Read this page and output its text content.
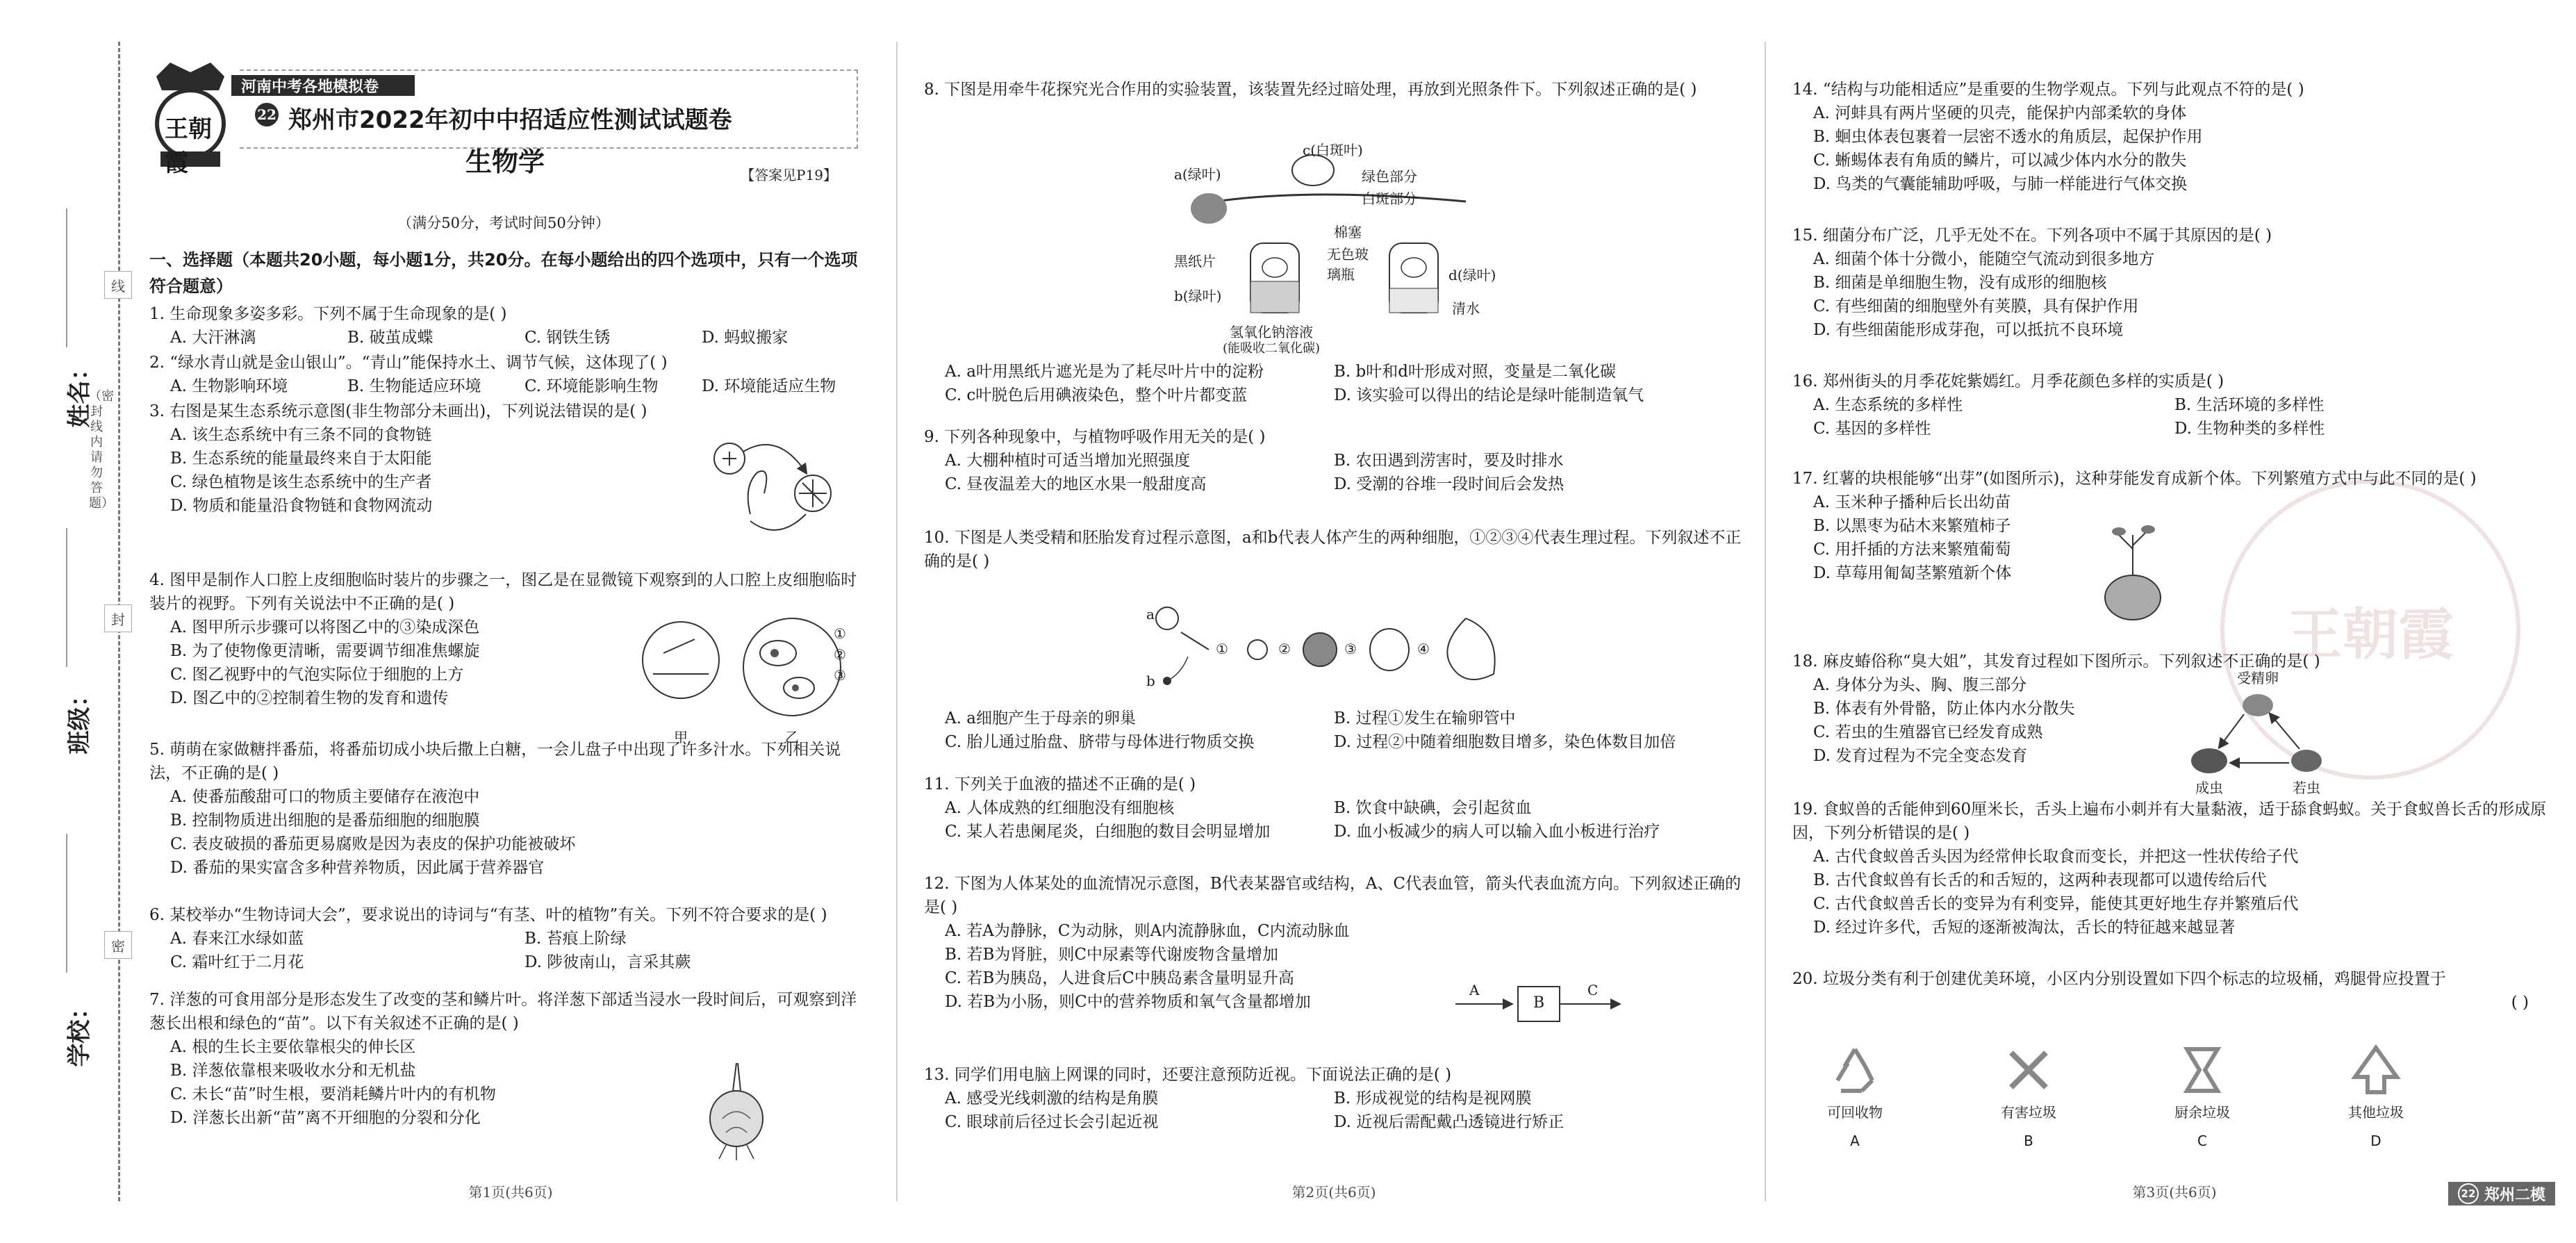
姓名：
班级：
学校：
线
封
密
（密封线内请勿答题）
王朝霞
河南中考各地模拟卷
22 郑州市2022年初中中招适应性测试试题卷
生物学	【答案见P19】
（满分50分，考试时间50分钟）
一、选择题（本题共20小题，每小题1分，共20分。在每小题给出的四个选项中，只有一个选项符合题意）
1. 生命现象多姿多彩。下列不属于生命现象的是( )
A. 大汗淋漓	B. 破茧成蝶	C. 钢铁生锈	D. 蚂蚁搬家
2. “绿水青山就是金山银山”。“青山”能保持水土、调节气候，这体现了( )
A. 生物影响环境	B. 生物能适应环境	C. 环境能影响生物	D. 环境能适应生物
3. 右图是某生态系统示意图(非生物部分未画出)，下列说法错误的是( )
A. 该生态系统中有三条不同的食物链
B. 生态系统的能量最终来自于太阳能
C. 绿色植物是该生态系统中的生产者
D. 物质和能量沿食物链和食物网流动
4. 图甲是制作人口腔上皮细胞临时装片的步骤之一，图乙是在显微镜下观察到的人口腔上皮细胞临时装片的视野。下列有关说法中不正确的是( )
A. 图甲所示步骤可以将图乙中的③染成深色
B. 为了使物像更清晰，需要调节细准焦螺旋
C. 图乙视野中的气泡实际位于细胞的上方
D. 图乙中的②控制着生物的发育和遗传
①
②
③
甲	乙
5. 萌萌在家做糖拌番茄，将番茄切成小块后撒上白糖，一会儿盘子中出现了许多汁水。下列相关说法，不正确的是( )
A. 使番茄酸甜可口的物质主要储存在液泡中
B. 控制物质进出细胞的是番茄细胞的细胞膜
C. 表皮破损的番茄更易腐败是因为表皮的保护功能被破坏
D. 番茄的果实富含多种营养物质，因此属于营养器官
6. 某校举办“生物诗词大会”，要求说出的诗词与“有茎、叶的植物”有关。下列不符合要求的是( )
A. 春来江水绿如蓝	B. 苔痕上阶绿 C. 霜叶红于二月花	D. 陟彼南山，言采其蕨
7. 洋葱的可食用部分是形态发生了改变的茎和鳞片叶。将洋葱下部适当浸水一段时间后，可观察到洋葱长出根和绿色的“苗”。以下有关叙述不正确的是( )
A. 根的生长主要依靠根尖的伸长区
B. 洋葱依靠根来吸收水分和无机盐
C. 未长“苗”时生根，要消耗鳞片叶内的有机物
D. 洋葱长出新“苗”离不开细胞的分裂和分化
第1页(共6页)
8. 下图是用牵牛花探究光合作用的实验装置，该装置先经过暗处理，再放到光照条件下。下列叙述正确的是( )
a(绿叶)
c(白斑叶)
绿色部分
白斑部分
黑纸片
棉塞
无色玻璃瓶
b(绿叶)
d(绿叶)
清水
氢氧化钠溶液
(能吸收二氧化碳)
A. a叶用黑纸片遮光是为了耗尽叶片中的淀粉	B. b叶和d叶形成对照，变量是二氧化碳 C. c叶脱色后用碘液染色，整个叶片都变蓝	D. 该实验可以得出的结论是绿叶能制造氧气
9. 下列各种现象中，与植物呼吸作用无关的是( )
A. 大棚种植时可适当增加光照强度	B. 农田遇到涝害时，要及时排水 C. 昼夜温差大的地区水果一般甜度高	D. 受潮的谷堆一段时间后会发热
10. 下图是人类受精和胚胎发育过程示意图，a和b代表人体产生的两种细胞，①②③④代表生理过程。下列叙述不正确的是( )
a
b
①	②	③	④
A. a细胞产生于母亲的卵巢	B. 过程①发生在输卵管中 C. 胎儿通过胎盘、脐带与母体进行物质交换	D. 过程②中随着细胞数目增多，染色体数目加倍
11. 下列关于血液的描述不正确的是( )
A. 人体成熟的红细胞没有细胞核	B. 饮食中缺碘，会引起贫血 C. 某人若患阑尾炎，白细胞的数目会明显增加	D. 血小板减少的病人可以输入血小板进行治疗
12. 下图为人体某处的血流情况示意图，B代表某器官或结构，A、C代表血管，箭头代表血流方向。下列叙述正确的是( )
A. 若A为静脉，C为动脉，则A内流静脉血，C内流动脉血
B. 若B为肾脏，则C中尿素等代谢废物含量增加
C. 若B为胰岛，人进食后C中胰岛素含量明显升高
D. 若B为小肠，则C中的营养物质和氧气含量都增加
A
B
C
13. 同学们用电脑上网课的同时，还要注意预防近视。下面说法正确的是( )
A. 感受光线刺激的结构是角膜	B. 形成视觉的结构是视网膜 C. 眼球前后径过长会引起近视	D. 近视后需配戴凸透镜进行矫正
第2页(共6页)
王朝霞
14. “结构与功能相适应”是重要的生物学观点。下列与此观点不符的是( )
A. 河蚌具有两片坚硬的贝壳，能保护内部柔软的身体
B. 蛔虫体表包裹着一层密不透水的角质层，起保护作用
C. 蜥蜴体表有角质的鳞片，可以减少体内水分的散失
D. 鸟类的气囊能辅助呼吸，与肺一样能进行气体交换
15. 细菌分布广泛，几乎无处不在。下列各项中不属于其原因的是( )
A. 细菌个体十分微小，能随空气流动到很多地方
B. 细菌是单细胞生物，没有成形的细胞核
C. 有些细菌的细胞壁外有荚膜，具有保护作用
D. 有些细菌能形成芽孢，可以抵抗不良环境
16. 郑州街头的月季花姹紫嫣红。月季花颜色多样的实质是( )
A. 生态系统的多样性	B. 生活环境的多样性 C. 基因的多样性	D. 生物种类的多样性
17. 红薯的块根能够“出芽”(如图所示)，这种芽能发育成新个体。下列繁殖方式中与此不同的是( )
A. 玉米种子播种后长出幼苗
B. 以黑枣为砧木来繁殖柿子
C. 用扦插的方法来繁殖葡萄
D. 草莓用匍匐茎繁殖新个体
18. 麻皮蝽俗称“臭大姐”，其发育过程如下图所示。下列叙述不正确的是( )
A. 身体分为头、胸、腹三部分
B. 体表有外骨骼，防止体内水分散失
C. 若虫的生殖器官已经发育成熟
D. 发育过程为不完全变态发育
受精卵
成虫	若虫
19. 食蚁兽的舌能伸到60厘米长，舌头上遍布小刺并有大量黏液，适于舔食蚂蚁。关于食蚁兽长舌的形成原因，下列分析错误的是( )
A. 古代食蚁兽舌头因为经常伸长取食而变长，并把这一性状传给子代
B. 古代食蚁兽有长舌的和舌短的，这两种表现都可以遗传给后代
C. 古代食蚁兽舌长的变异为有利变异，能使其更好地生存并繁殖后代
D. 经过许多代，舌短的逐渐被淘汰，舌长的特征越来越显著
20. 垃圾分类有利于创建优美环境，小区内分别设置如下四个标志的垃圾桶，鸡腿骨应投置于
( )
可回收物
A
有害垃圾
B
厨余垃圾
C
其他垃圾
D
第3页(共6页)	22 郑州二模
